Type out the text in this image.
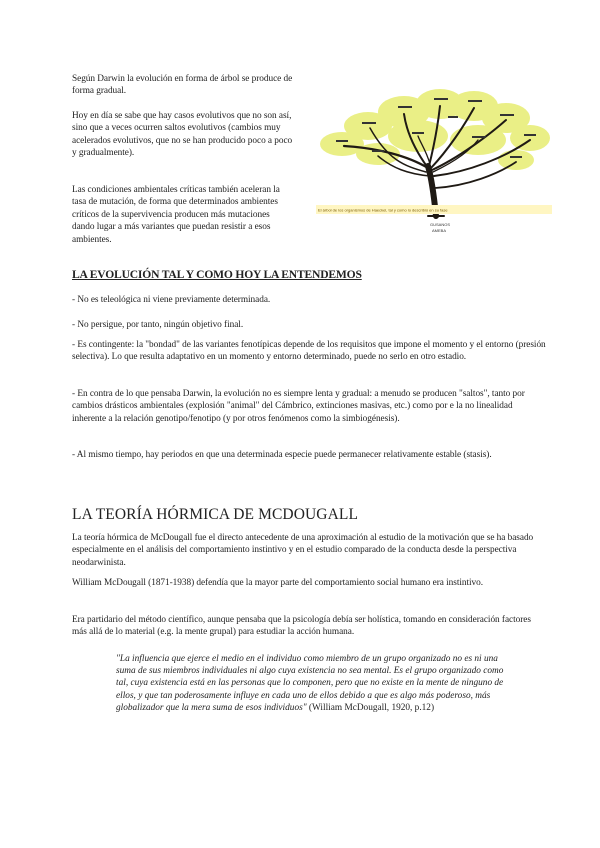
Según Darwin la evolución en forma de árbol se produce de forma gradual.

Hoy en día se sabe que hay casos evolutivos que no son así, sino que a veces ocurren saltos evolutivos (cambios muy acelerados evolutivos, que no se han producido poco a poco y gradualmente).

Las condiciones ambientales críticas también aceleran la tasa de mutación, de forma que determinados ambientes críticos de la supervivencia producen más mutaciones dando lugar a más variantes que puedan resistir a esos ambientes.

El árbol de los organismos de Haeckel, tal y como lo describió en su fase
GUSANOS
AMEBA
LA EVOLUCIÓN TAL Y COMO HOY LA ENTENDEMOS

- No es teleológica ni viene previamente determinada.

- No persigue, por tanto, ningún objetivo final.

- Es contingente: la "bondad" de las variantes fenotípicas depende de los requisitos que impone el momento y el entorno (presión selectiva). Lo que resulta adaptativo en un momento y entorno determinado, puede no serlo en otro estadio.

- En contra de lo que pensaba Darwin, la evolución no es siempre lenta y gradual: a menudo se producen "saltos", tanto por cambios drásticos ambientales (explosión "animal" del Cámbrico, extinciones masivas, etc.) como por e la no linealidad inherente a la relación genotipo/fenotipo (y por otros fenómenos como la simbiogénesis).

- Al mismo tiempo, hay periodos en que una determinada especie puede permanecer relativamente estable (stasis).

LA TEORÍA HÓRMICA DE MCDOUGALL

La teoría hórmica de McDougall fue el directo antecedente de una aproximación al estudio de la motivación que se ha basado especialmente en el análisis del comportamiento instintivo y en el estudio comparado de la conducta desde la perspectiva neodarwinista.

William McDougall (1871-1938) defendía que la mayor parte del comportamiento social humano era instintivo.

Era partidario del método científico, aunque pensaba que la psicología debía ser holística, tomando en consideración factores más allá de lo material (e.g. la mente grupal) para estudiar la acción humana.

"La influencia que ejerce el medio en el individuo como miembro de un grupo organizado no es ni una suma de sus miembros individuales ni algo cuya existencia no sea mental. Es el grupo organizado como tal, cuya existencia está en las personas que lo componen, pero que no existe en la mente de ninguno de ellos, y que tan poderosamente influye en cada uno de ellos debido a que es algo más poderoso, más globalizador que la mera suma de esos individuos" (William McDougall, 1920, p.12)
